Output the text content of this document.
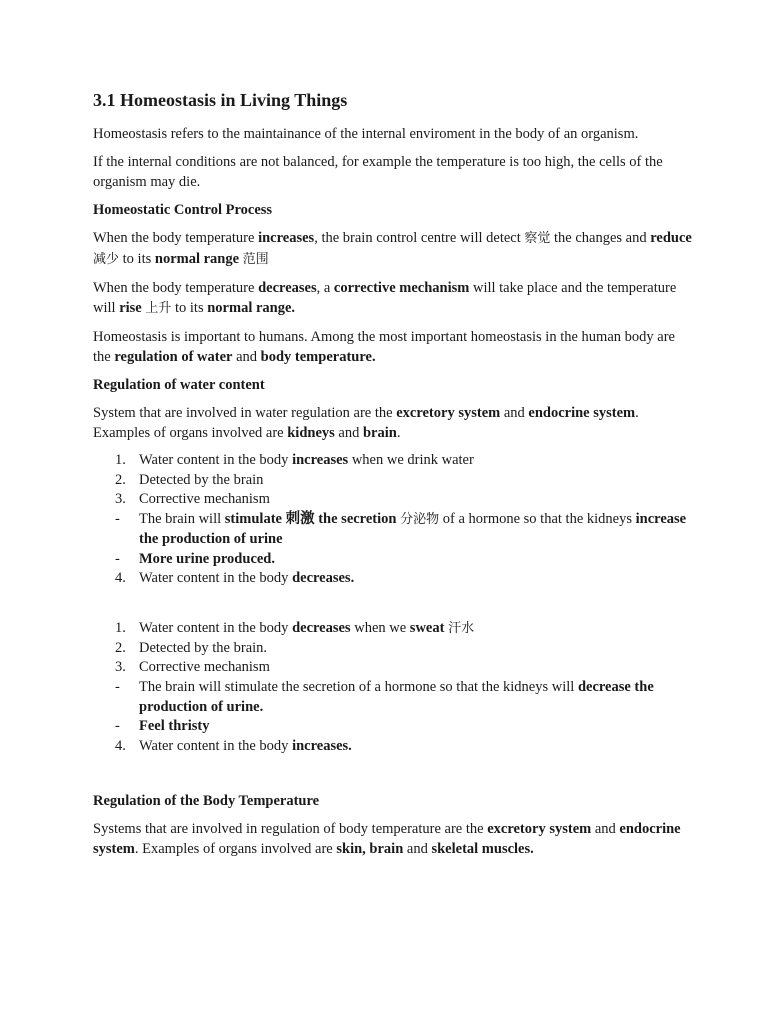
3.1 Homeostasis in Living Things

Homeostasis refers to the maintainance of the internal enviroment in the body of an organism.

If the internal conditions are not balanced, for example the temperature is too high, the cells of the organism may die.

Homeostatic Control Process

When the body temperature increases, the brain control centre will detect 察觉 the changes and reduce 减少 to its normal range 范围

When the body temperature decreases, a corrective mechanism will take place and the temperature will rise 上升 to its normal range.

Homeostasis is important to humans. Among the most important homeostasis in the human body are the regulation of water and body temperature.

Regulation of water content

System that are involved in water regulation are the excretory system and endocrine system. Examples of organs involved are kidneys and brain.

1. Water content in the body increases when we drink water
2. Detected by the brain
3. Corrective mechanism
- The brain will stimulate 刺激 the secretion 分泌物 of a hormone so that the kidneys increase the production of urine
- More urine produced.
4. Water content in the body decreases.
1. Water content in the body decreases when we sweat 汗水
2. Detected by the brain.
3. Corrective mechanism
- The brain will stimulate the secretion of a hormone so that the kidneys will decrease the production of urine.
- Feel thristy
4. Water content in the body increases.
Regulation of the Body Temperature

Systems that are involved in regulation of body temperature are the excretory system and endocrine system. Examples of organs involved are skin, brain and skeletal muscles.
